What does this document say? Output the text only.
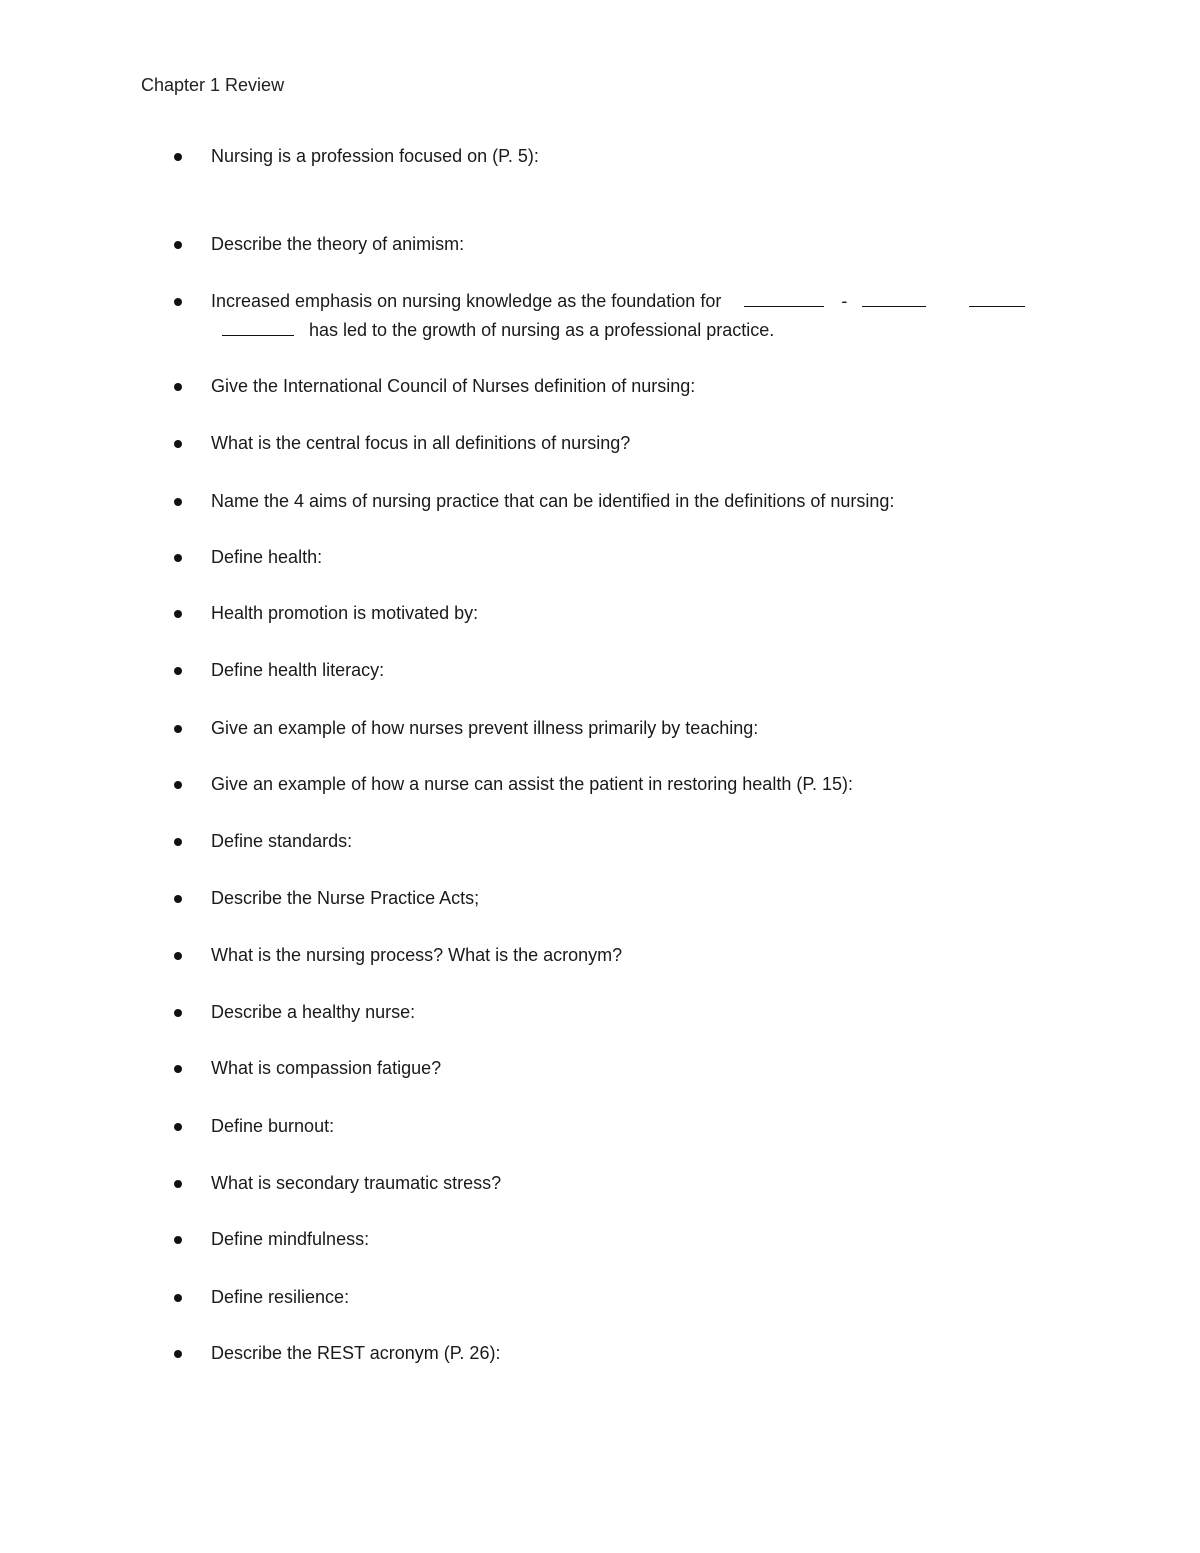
Chapter 1 Review
Nursing is a profession focused on (P. 5):
Describe the theory of animism:
Increased emphasis on nursing knowledge as the foundation for	-
has led to the growth of nursing as a professional practice.
Give the International Council of Nurses definition of nursing:
What is the central focus in all definitions of nursing?
Name the 4 aims of nursing practice that can be identified in the definitions of nursing:
Define health:
Health promotion is motivated by:
Define health literacy:
Give an example of how nurses prevent illness primarily by teaching:
Give an example of how a nurse can assist the patient in restoring health (P. 15):
Define standards:
Describe the Nurse Practice Acts;
What is the nursing process? What is the acronym?
Describe a healthy nurse:
What is compassion fatigue?
Define burnout:
What is secondary traumatic stress?
Define mindfulness:
Define resilience:
Describe the REST acronym (P. 26):
